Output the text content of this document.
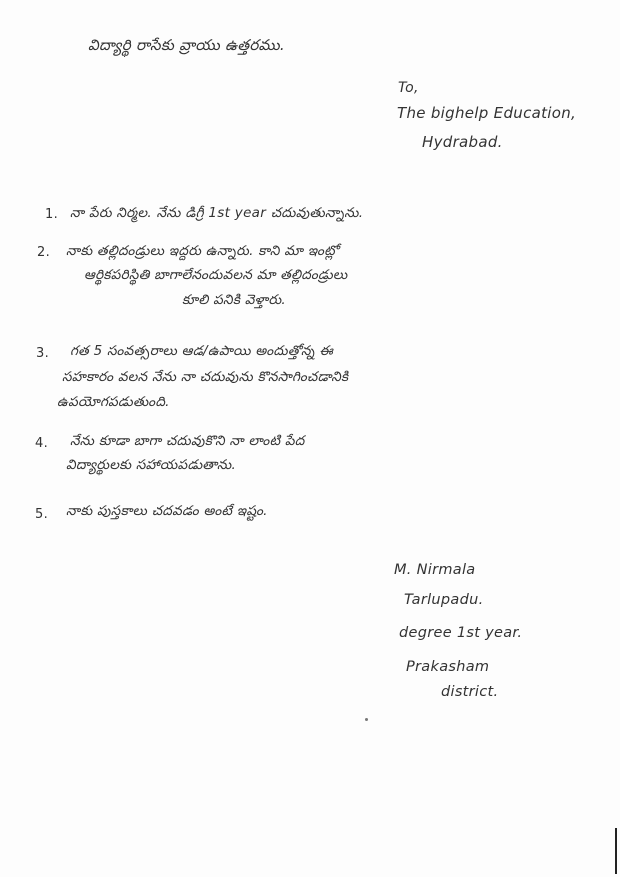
విద్యార్థి రాసేకు వ్రాయు ఉత్తరము.
To,
The bighelp Education,
Hydrabad.
1. నా పేరు నిర్మల. నేను డిగ్రీ 1st year చదువుతున్నాను.
2. నాకు తల్లిదండ్రులు ఇద్దరు ఉన్నారు. కాని మా ఇంట్లో
ఆర్థికపరిస్థితి బాగాలేనందువలన మా తల్లిదండ్రులు
కూలి పనికి వెళ్తారు.
3. గత 5 సంవత్సరాలు ఆడ/ఉపాయి అందుత్తోన్న ఈ
సహకారం వలన నేను నా చదువును కొనసాగించడానికి
ఉపయోగపడుతుంది.
4. నేను కూడా బాగా చదువుకొని నా లాంటి పేద
విద్యార్థులకు సహాయపడుతాను.
5. నాకు పుస్తకాలు చదవడం అంటే ఇష్టం.
M. Nirmala
Tarlupadu.
degree 1st year.
Prakasham
district.
